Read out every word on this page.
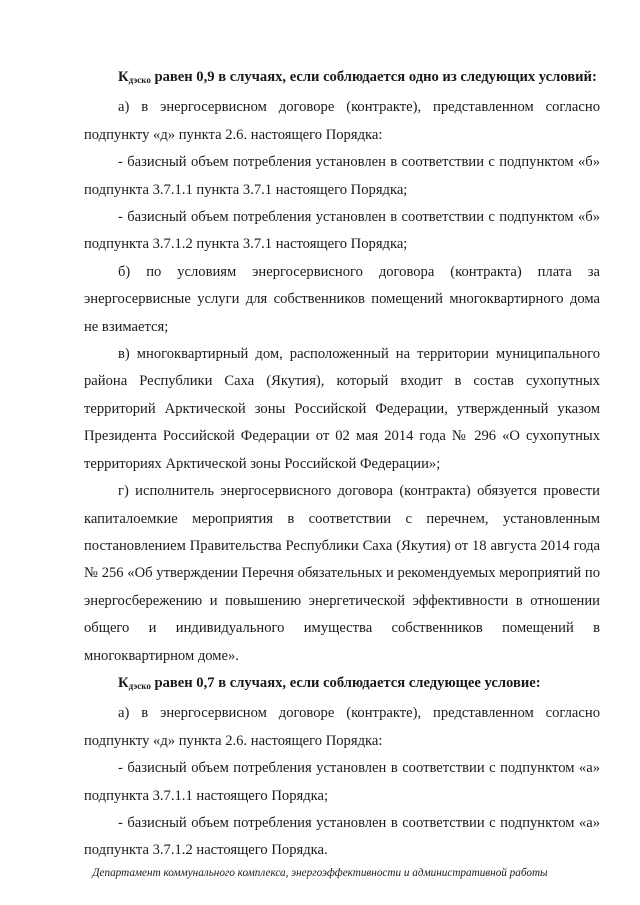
$К_{дэско}$ равен 0,9 в случаях, если соблюдается одно из следующих условий:

а) в энергосервисном договоре (контракте), представленном согласно подпункту «д» пункта 2.6. настоящего Порядка:

- базисный объем потребления установлен в соответствии с подпунктом «б» подпункта 3.7.1.1 пункта 3.7.1 настоящего Порядка;

- базисный объем потребления установлен в соответствии с подпунктом «б» подпункта 3.7.1.2 пункта 3.7.1 настоящего Порядка;

б) по условиям энергосервисного договора (контракта) плата за энергосервисные услуги для собственников помещений многоквартирного дома не взимается;

в) многоквартирный дом, расположенный на территории муниципального района Республики Саха (Якутия), который входит в состав сухопутных территорий Арктической зоны Российской Федерации, утвержденный указом Президента Российской Федерации от 02 мая 2014 года № 296 «О сухопутных территориях Арктической зоны Российской Федерации»;

г) исполнитель энергосервисного договора (контракта) обязуется провести капиталоемкие мероприятия в соответствии с перечнем, установленным постановлением Правительства Республики Саха (Якутия) от 18 августа 2014 года № 256 «Об утверждении Перечня обязательных и рекомендуемых мероприятий по энергосбережению и повышению энергетической эффективности в отношении общего и индивидуального имущества собственников помещений в многоквартирном доме».

$К_{дэско}$ равен 0,7 в случаях, если соблюдается следующее условие:

а) в энергосервисном договоре (контракте), представленном согласно подпункту «д» пункта 2.6. настоящего Порядка:

- базисный объем потребления установлен в соответствии с подпунктом «а» подпункта 3.7.1.1 настоящего Порядка;

- базисный объем потребления установлен в соответствии с подпунктом «а» подпункта 3.7.1.2 настоящего Порядка.

Департамент коммунального комплекса, энергоэффективности и административной работы
